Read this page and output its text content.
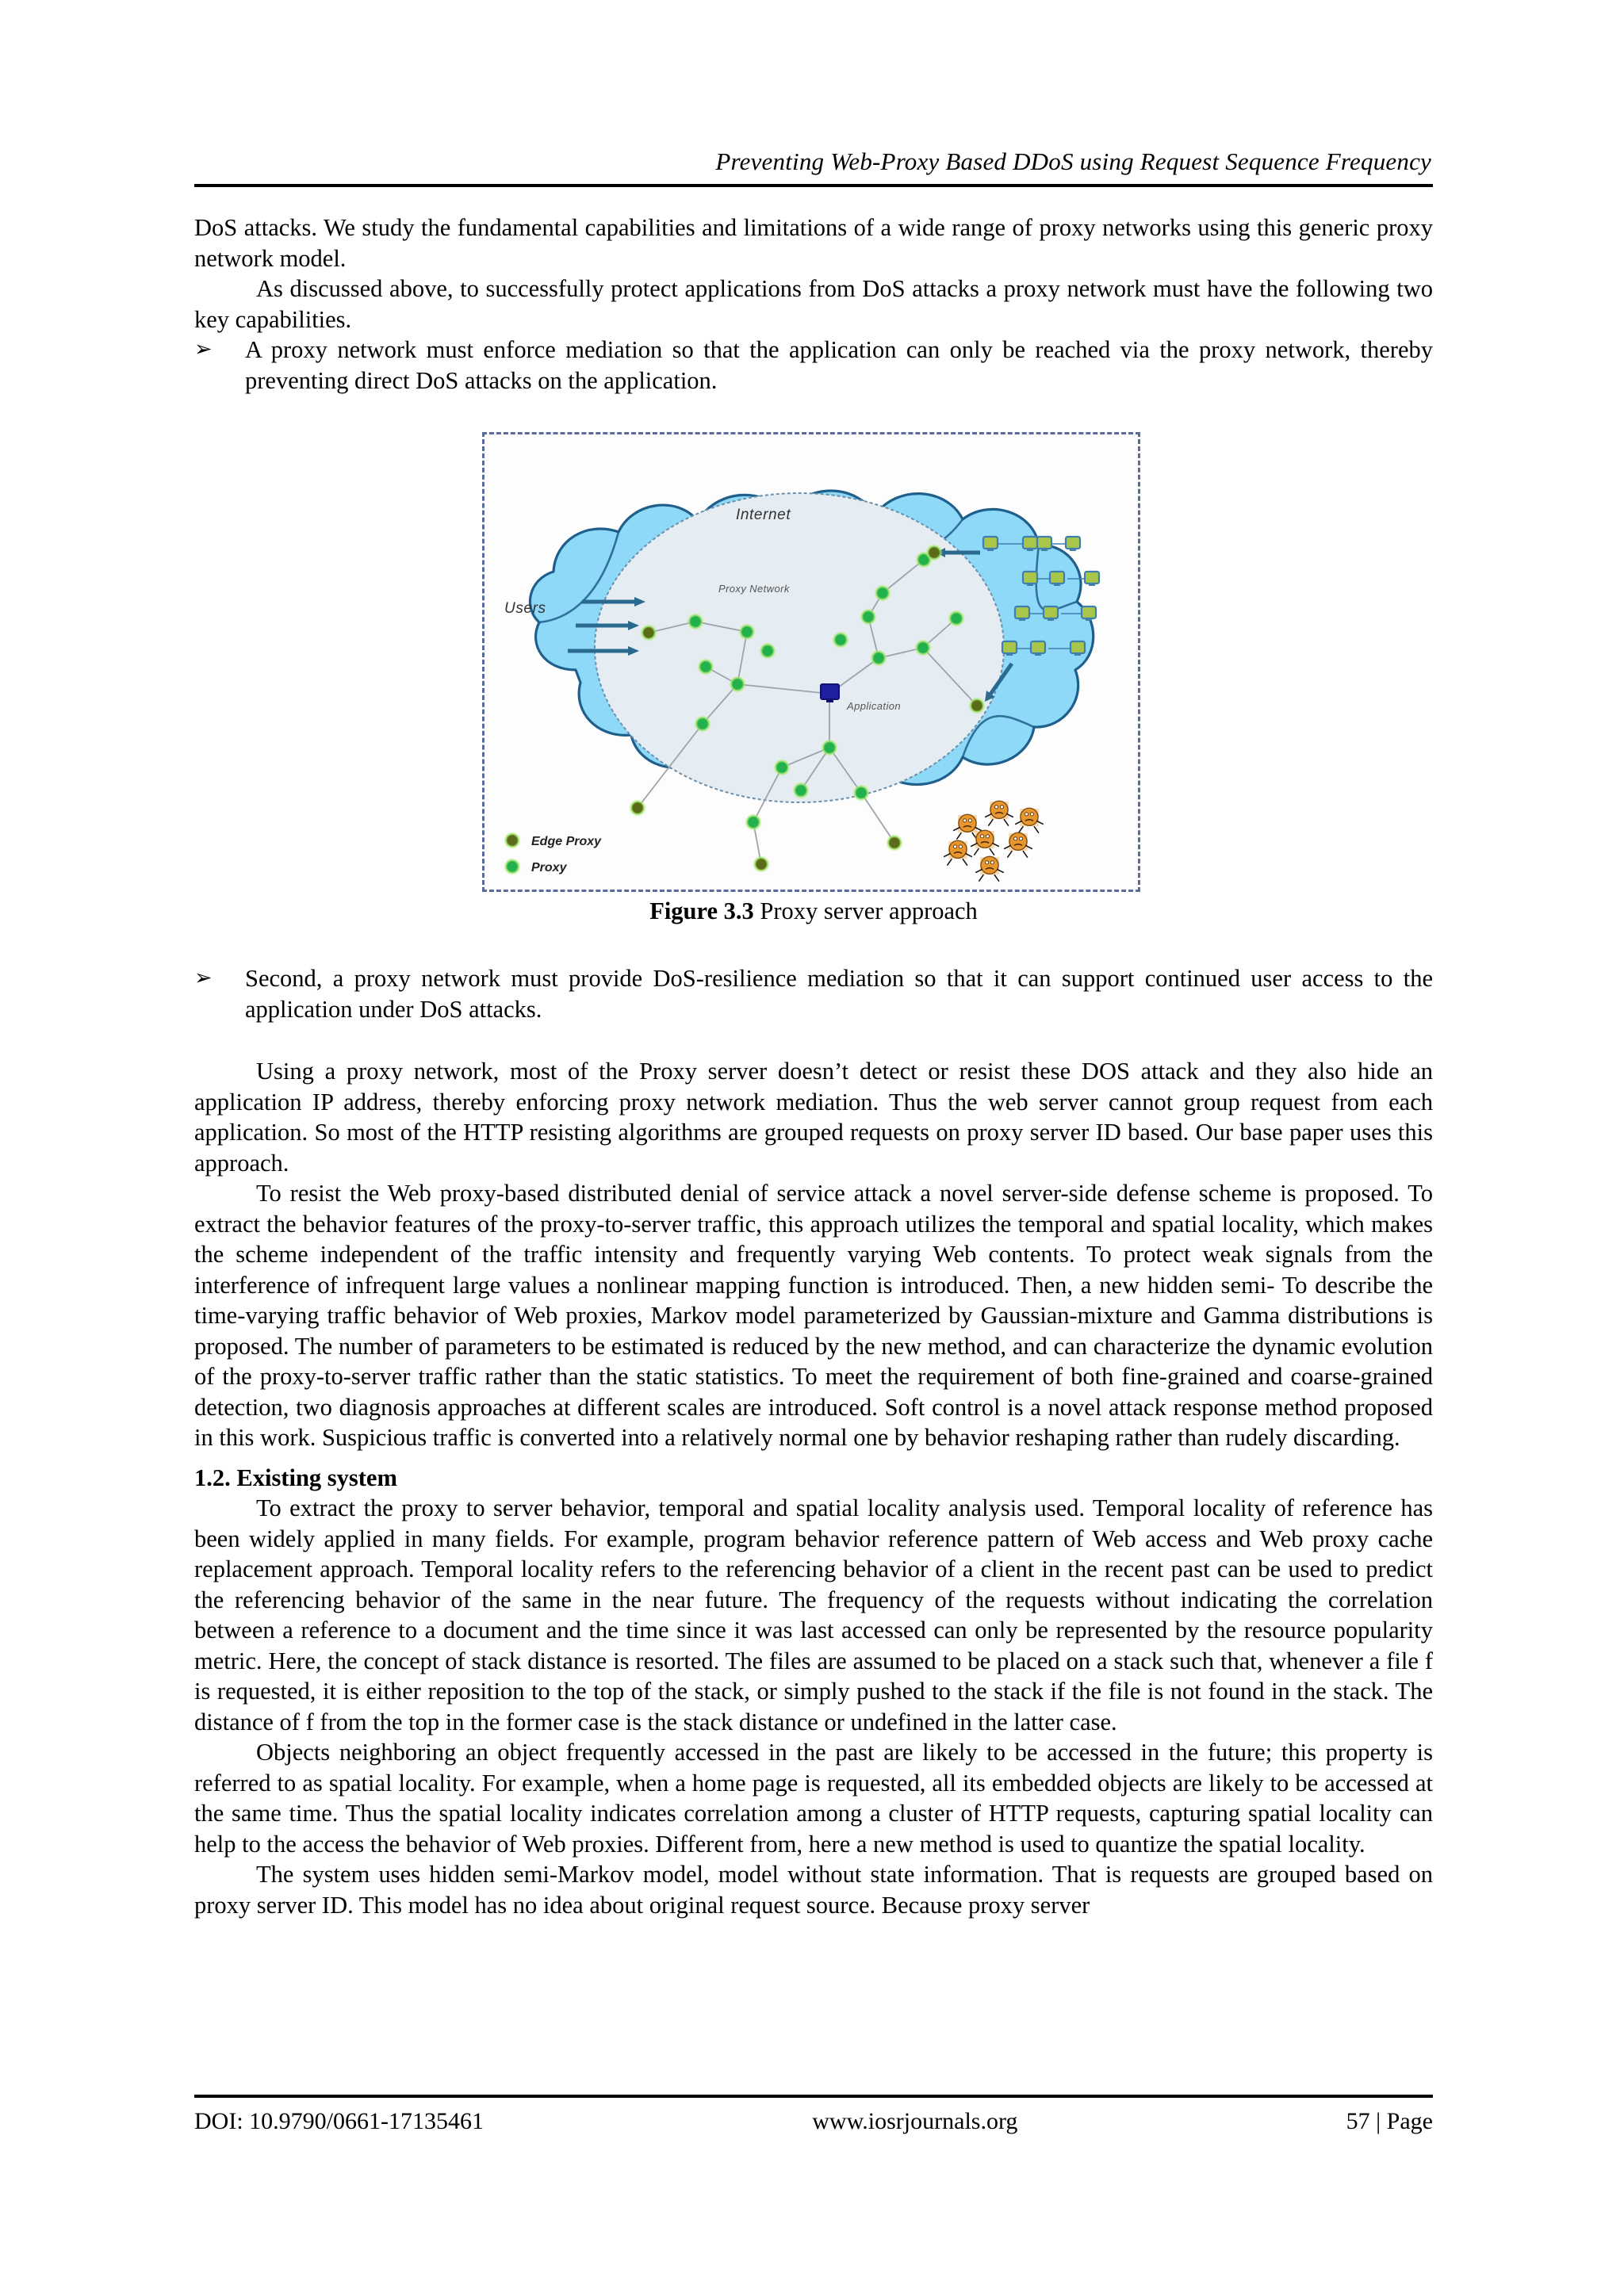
Preventing Web-Proxy Based DDoS using Request Sequence Frequency

DoS attacks. We study the fundamental capabilities and limitations of a wide range of proxy networks using this generic proxy network model.

As discussed above, to successfully protect applications from DoS attacks a proxy network must have the following two key capabilities.

➢	A proxy network must enforce mediation so that the application can only be reached via the proxy network, thereby preventing direct DoS attacks on the application.
Internet
Users
Proxy Network
Application
Edge Proxy
Proxy
Figure 3.3 Proxy server approach
➢	Second, a proxy network must provide DoS-resilience mediation so that it can support continued user access to the application under DoS attacks.

Using a proxy network, most of the Proxy server doesn’t detect or resist these DOS attack and they also hide an application IP address, thereby enforcing proxy network mediation. Thus the web server cannot group request from each application. So most of the HTTP resisting algorithms are grouped requests on proxy server ID based. Our base paper uses this approach.

To resist the Web proxy-based distributed denial of service attack a novel server-side defense scheme is proposed. To extract the behavior features of the proxy-to-server traffic, this approach utilizes the temporal and spatial locality, which makes the scheme independent of the traffic intensity and frequently varying Web contents. To protect weak signals from the interference of infrequent large values a nonlinear mapping function is introduced. Then, a new hidden semi- To describe the time-varying traffic behavior of Web proxies, Markov model parameterized by Gaussian-mixture and Gamma distributions is proposed. The number of parameters to be estimated is reduced by the new method, and can characterize the dynamic evolution of the proxy-to-server traffic rather than the static statistics. To meet the requirement of both fine-grained and coarse-grained detection, two diagnosis approaches at different scales are introduced. Soft control is a novel attack response method proposed in this work. Suspicious traffic is converted into a relatively normal one by behavior reshaping rather than rudely discarding.

1.2. Existing system

To extract the proxy to server behavior, temporal and spatial locality analysis used. Temporal locality of reference has been widely applied in many fields. For example, program behavior reference pattern of Web access and Web proxy cache replacement approach. Temporal locality refers to the referencing behavior of a client in the recent past can be used to predict the referencing behavior of the same in the near future. The frequency of the requests without indicating the correlation between a reference to a document and the time since it was last accessed can only be represented by the resource popularity metric. Here, the concept of stack distance is resorted. The files are assumed to be placed on a stack such that, whenever a file f is requested, it is either reposition to the top of the stack, or simply pushed to the stack if the file is not found in the stack. The distance of f from the top in the former case is the stack distance or undefined in the latter case.

Objects neighboring an object frequently accessed in the past are likely to be accessed in the future; this property is referred to as spatial locality. For example, when a home page is requested, all its embedded objects are likely to be accessed at the same time. Thus the spatial locality indicates correlation among a cluster of HTTP requests, capturing spatial locality can help to the access the behavior of Web proxies. Different from, here a new method is used to quantize the spatial locality.

The system uses hidden semi-Markov model, model without state information. That is requests are grouped based on proxy server ID. This model has no idea about original request source. Because proxy server

DOI: 10.9790/0661-17135461	www.iosrjournals.org	57 | Page
